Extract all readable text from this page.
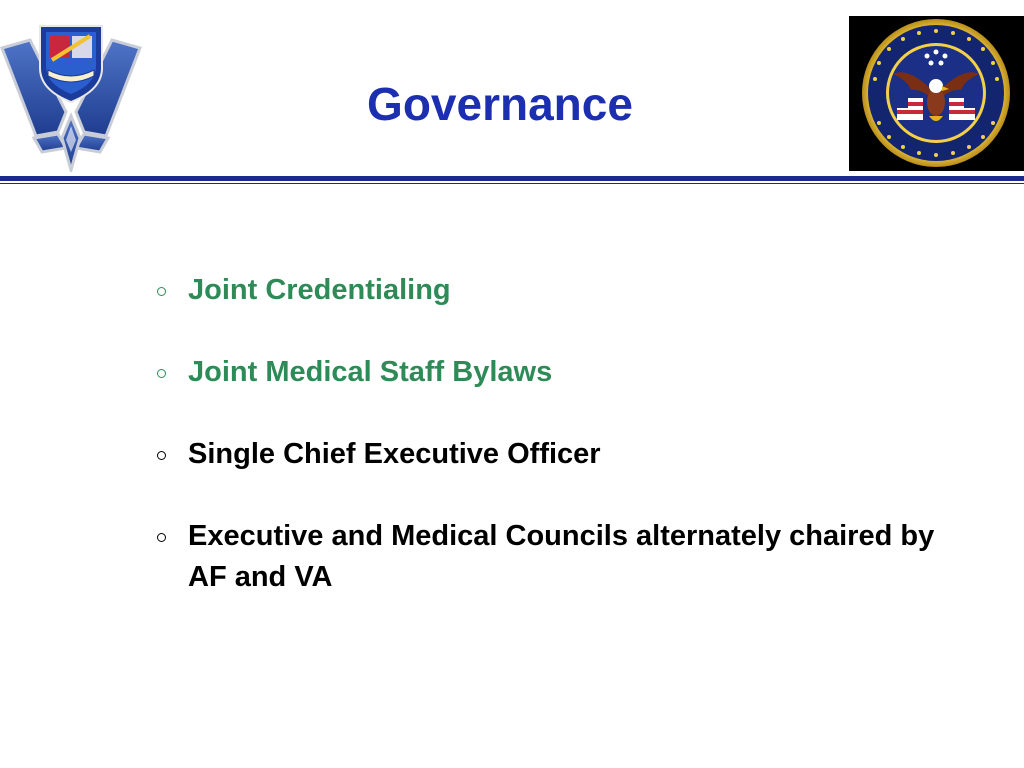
Governance
Joint Credentialing
Joint Medical Staff Bylaws
Single Chief Executive Officer
Executive and Medical Councils alternately chaired by AF and VA
